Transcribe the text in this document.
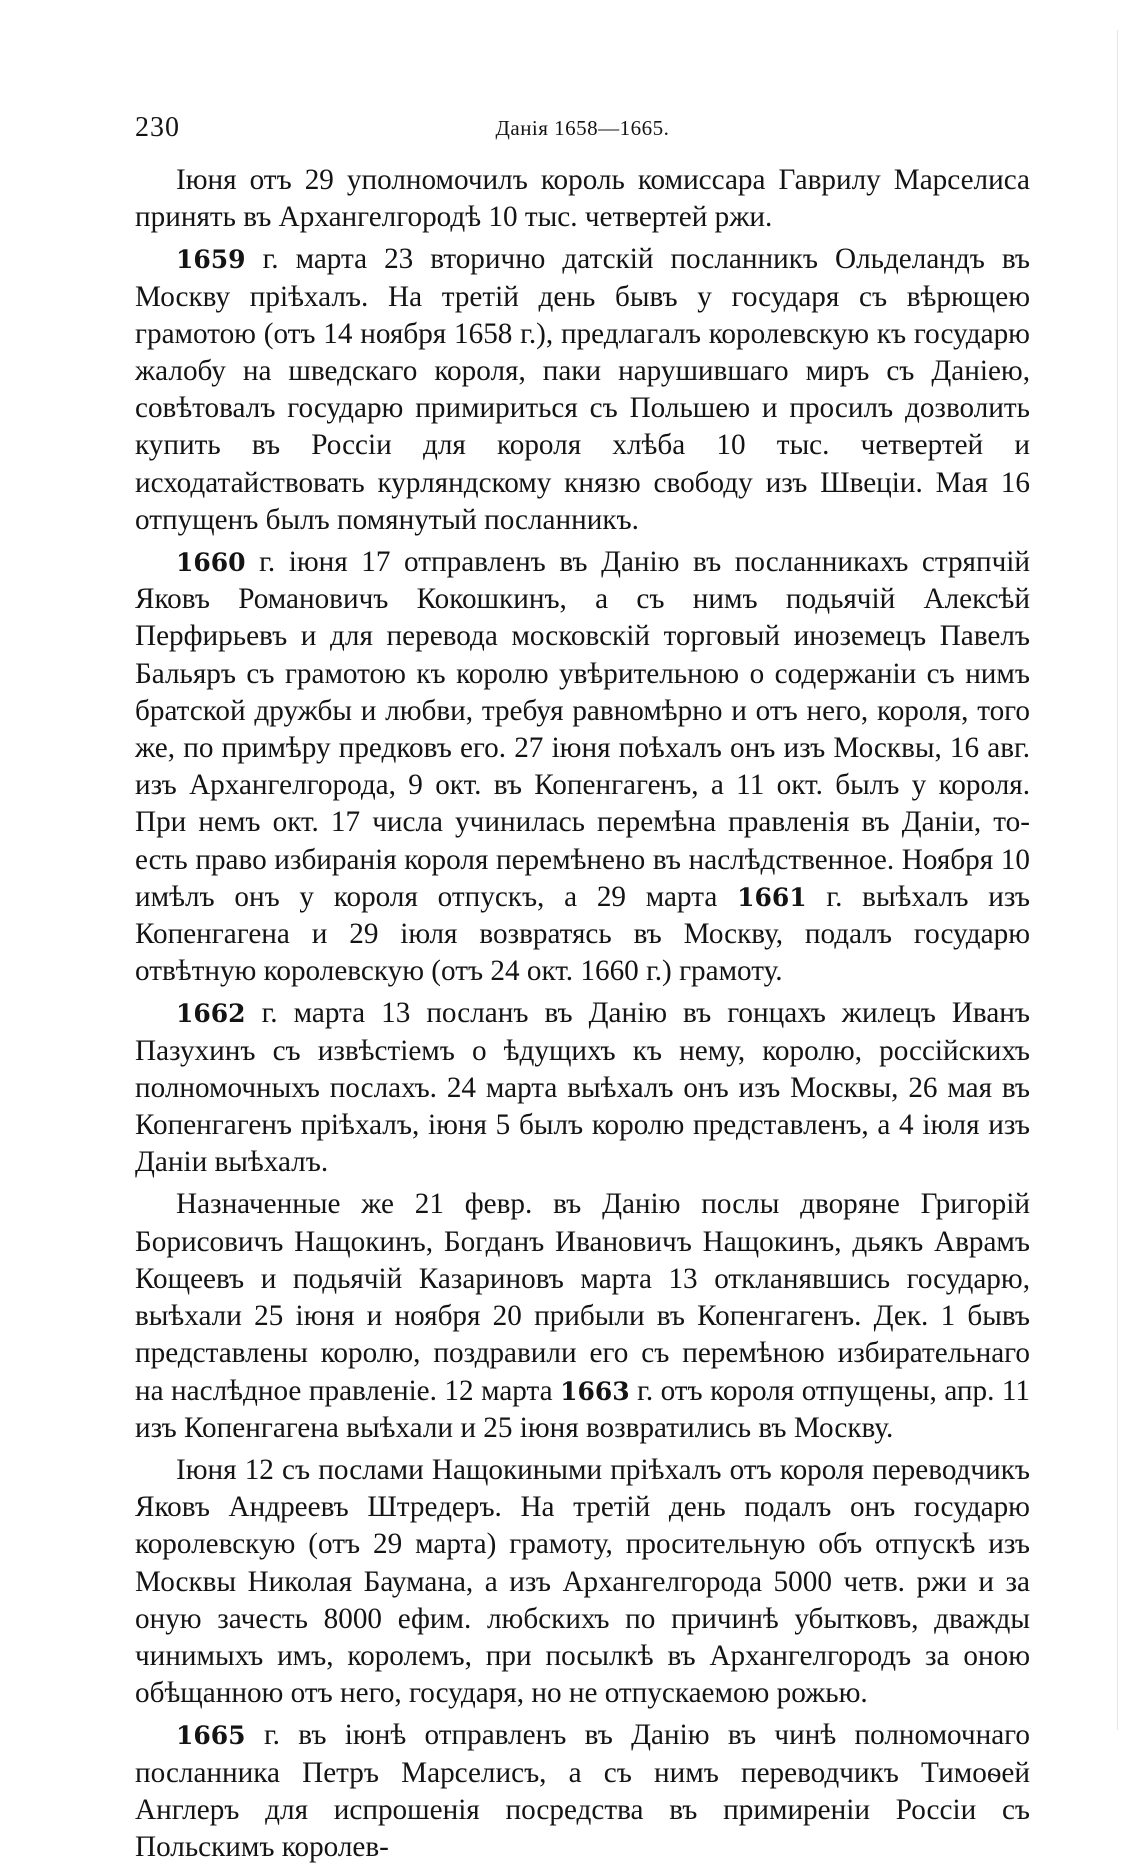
230	Данія 1658—1665.

Іюня отъ 29 уполномочилъ король комиссара Гаврилу Марселиса принять въ Архангелгородѣ 10 тыс. четвертей ржи.

1659 г. марта 23 вторично датскій посланникъ Ольделандъ въ Москву пріѣхалъ. На третій день бывъ у государя съ вѣрющею грамотою (отъ 14 ноября 1658 г.), предлагалъ королевскую къ государю жалобу на шведскаго короля, паки нарушившаго миръ съ Даніею, совѣтовалъ государю примириться съ Польшею и просилъ дозволить купить въ Россіи для короля хлѣба 10 тыс. четвертей и исходатайствовать курляндскому князю свободу изъ Швеціи. Мая 16 отпущенъ былъ помянутый посланникъ.

1660 г. іюня 17 отправленъ въ Данію въ посланникахъ стряпчій Яковъ Романовичъ Кокошкинъ, а съ нимъ подьячій Алексѣй Перфирьевъ и для перевода московскій торговый иноземецъ Павелъ Бальяръ съ грамотою къ королю увѣрительною о содержаніи съ нимъ братской дружбы и любви, требуя равномѣрно и отъ него, короля, того же, по примѣру предковъ его. 27 іюня поѣхалъ онъ изъ Москвы, 16 авг. изъ Архангелгорода, 9 окт. въ Копенгагенъ, а 11 окт. былъ у короля. При немъ окт. 17 числа учинилась перемѣна правленія въ Даніи, то-есть право избиранія короля перемѣнено въ наслѣдственное. Ноября 10 имѣлъ онъ у короля отпускъ, а 29 марта 1661 г. выѣхалъ изъ Копенгагена и 29 іюля возвратясь въ Москву, подалъ государю отвѣтную королевскую (отъ 24 окт. 1660 г.) грамоту.

1662 г. марта 13 посланъ въ Данію въ гонцахъ жилецъ Иванъ Пазухинъ съ извѣстіемъ о ѣдущихъ къ нему, королю, россійскихъ полномочныхъ послахъ. 24 марта выѣхалъ онъ изъ Москвы, 26 мая въ Копенгагенъ пріѣхалъ, іюня 5 былъ королю представленъ, а 4 іюля изъ Даніи выѣхалъ.

Назначенные же 21 февр. въ Данію послы дворяне Григорій Борисовичъ Нащокинъ, Богданъ Ивановичъ Нащокинъ, дьякъ Аврамъ Кощеевъ и подьячій Казариновъ марта 13 откланявшись государю, выѣхали 25 іюня и ноября 20 прибыли въ Копенгагенъ. Дек. 1 бывъ представлены королю, поздравили его съ перемѣною избирательнаго на наслѣдное правленіе. 12 марта 1663 г. отъ короля отпущены, апр. 11 изъ Копенгагена выѣхали и 25 іюня возвратились въ Москву.

Іюня 12 съ послами Нащокиными пріѣхалъ отъ короля переводчикъ Яковъ Андреевъ Штредеръ. На третій день подалъ онъ государю королевскую (отъ 29 марта) грамоту, просительную объ отпускѣ изъ Москвы Николая Баумана, а изъ Архангелгорода 5000 четв. ржи и за оную зачесть 8000 ефим. любскихъ по причинѣ убытковъ, дважды чинимыхъ имъ, королемъ, при посылкѣ въ Архангелгородъ за оною обѣщанною отъ него, государя, но не отпускаемою рожью.

1665 г. въ іюнѣ отправленъ въ Данію въ чинѣ полномочнаго посланника Петръ Марселисъ, а съ нимъ переводчикъ Тимоѳей Англеръ для испрошенія посредства въ примиреніи Россіи съ Польскимъ королев-
